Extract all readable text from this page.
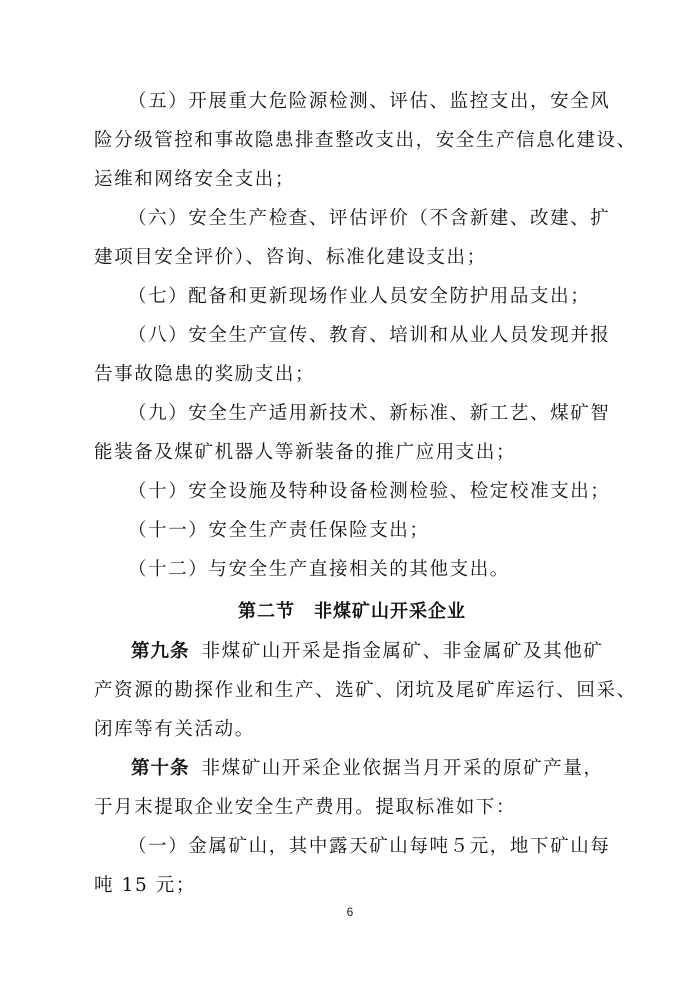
（五）开展重大危险源检测、评估、监控支出，安全风
险分级管控和事故隐患排查整改支出，安全生产信息化建设、
运维和网络安全支出；
（六）安全生产检查、评估评价（不含新建、改建、扩
建项目安全评价）、咨询、标准化建设支出；
（七）配备和更新现场作业人员安全防护用品支出；
（八）安全生产宣传、教育、培训和从业人员发现并报
告事故隐患的奖励支出；
（九）安全生产适用新技术、新标准、新工艺、煤矿智
能装备及煤矿机器人等新装备的推广应用支出；
（十）安全设施及特种设备检测检验、检定校准支出；
（十一）安全生产责任保险支出；
（十二）与安全生产直接相关的其他支出。
第二节　非煤矿山开采企业
第九条 非煤矿山开采是指金属矿、非金属矿及其他矿
产资源的勘探作业和生产、选矿、闭坑及尾矿库运行、回采、
闭库等有关活动。
第十条 非煤矿山开采企业依据当月开采的原矿产量，
于月末提取企业安全生产费用。提取标准如下：
（一）金属矿山，其中露天矿山每吨５元，地下矿山每
吨 15 元；
6
